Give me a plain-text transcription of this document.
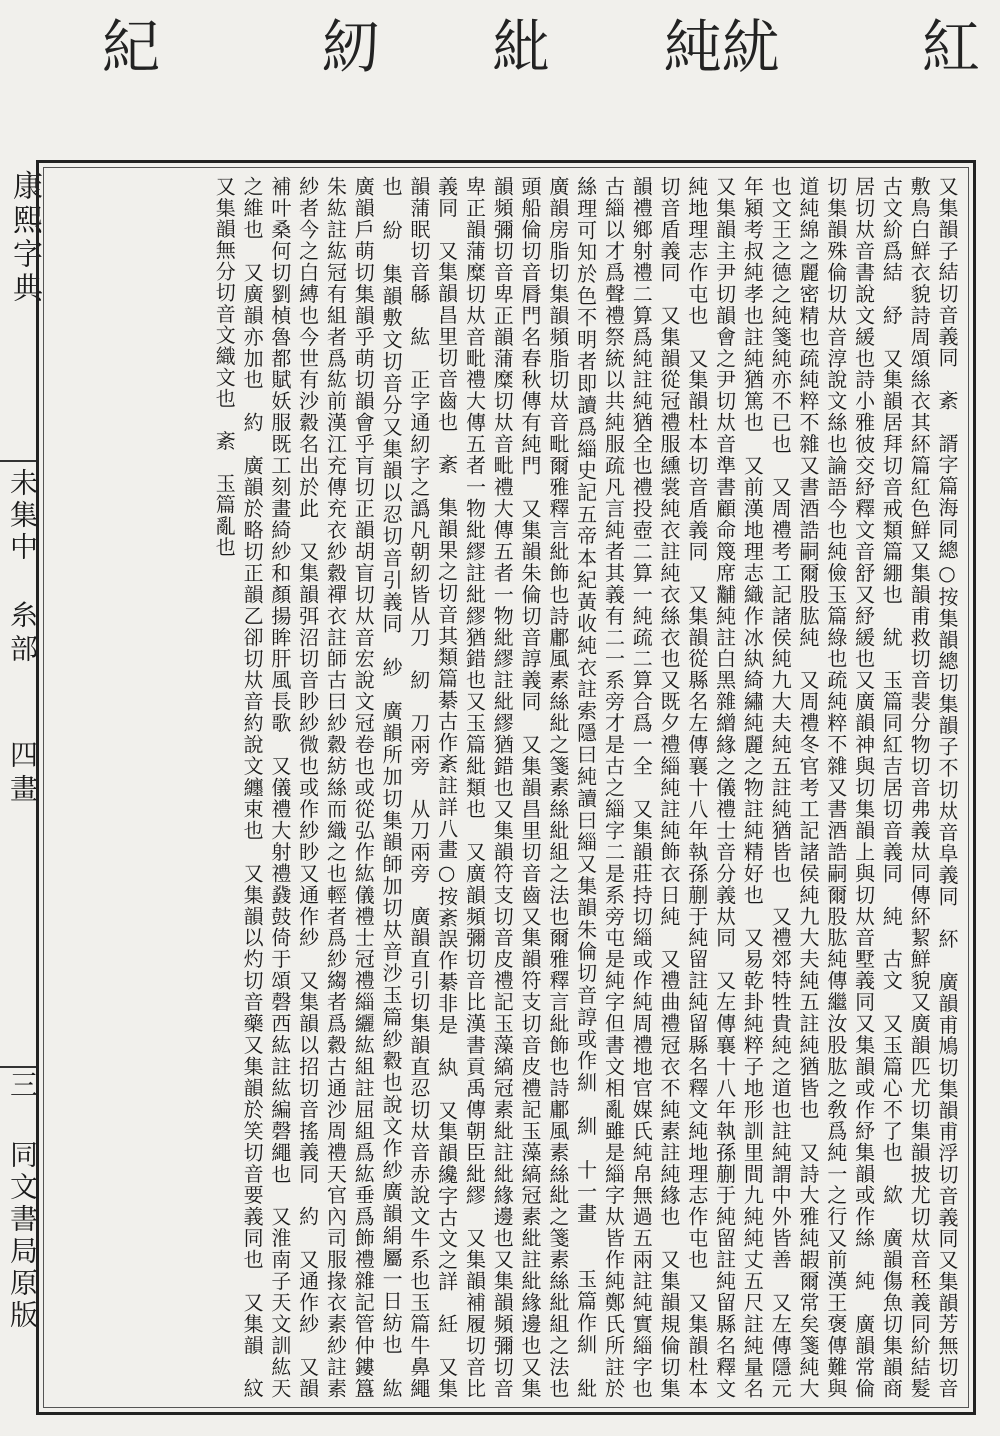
紅
純紌
紕
紉
紀
康熙字典
未集中
糸部
四畫
三
同文書局原版	又集韻子結切音義同　紊　諝字篇海同總○按集韻總切集韻子不切夶音阜義同　紑　廣韻甫鳩切集韻甫浮切音義同又集韻芳無切音敷鳥白鮮衣貌詩周頌絲衣其紑篇紅色鮮又集韻甫救切音裴分物切音弗義夶同傳紑絜鮮貌又廣韻匹尤切集韻披尤切夶音秠義同紒結髮古文紒爲結　紓　又集韻居拜切音戒類篇綳也　紌　玉篇同紅吉居切音義同　純　古文　又玉篇心不了也　絘　廣韻傷魚切集韻商居切夶音書說文緩也詩小雅彼交紓釋文音舒又紓緩也又廣韻神與切集韻上與切夶音墅義同又集韻或作紓集韻或作絲　純　廣韻常倫切集韻殊倫切夶音淳說文絲也論語今也純儉玉篇綠也疏純粹不雜又書酒誥嗣爾股肱純傳繼汝股肱之敎爲純一之行又前漢王褒傳難與道純綿之麗密精也疏純粹不雜又書酒誥嗣爾股肱純　又周禮冬官考工記諸侯純九大夫純五註純猶皆也　又詩大雅純嘏爾常矣箋純大也文王之德之純箋純亦不已也　又周禮考工記諸侯純九大夫純五註純猶皆也　又禮郊特牲貴純之道也註純謂中外皆善　又左傳隱元年潁考叔純孝也註純猶篤也　又前漢地理志織作冰紈綺繡純麗之物註純精好也　又易乾卦純粹子地形訓里間九純純丈五尺註純量名　又集韻主尹切韻會之尹切夶音準書顧命篾席黼純註白黑雜繒緣之儀禮士音分義夶同　又左傳襄十八年執孫蒯于純留註純留縣名釋文純地理志作屯也　又集韻杜本切音盾義同　又集韻從縣名左傳襄十八年執孫蒯于純留註純留縣名釋文純地理志作屯也　又集韻杜本切音盾義同　又集韻從冠禮服纁裳純衣註純衣絲衣也又既夕禮緇純註純飾衣日純　又禮曲禮冠衣不純素註純緣也　又集韻規倫切集韻禮鄉射禮二算爲純註純猶全也禮投壺二算一純疏二算合爲一全　又集韻莊持切緇或作純周禮地官媒氏純帛無過五兩註純實緇字也古緇以才爲聲禮祭統以共純服疏凡言純者其義有二一系旁才是古之緇字二是系旁屯是純字但書文相亂雖是緇字夶皆作純鄭氏所註於絲理可知於色不明者即讀爲緇史記五帝本紀黃收純衣註索隱曰純讀曰緇又集韻朱倫切音諄或作紃　紃　十一畫　　玉篇作紃　紕　廣韻房脂切集韻頻脂切夶音毗爾雅釋言紕飾也詩鄘風素絲紕之箋素絲紕組之法也爾雅釋言紕飾也詩鄘風素絲紕之箋素絲紕組之法也頭船倫切音脣門名春秋傳有純門　又集韻朱倫切音諄義同　又集韻昌里切音齒又集韻符支切音皮禮記玉藻縞冠素紕註紕緣邊也又集韻頻彌切音卑正韻蒲糜切夶音毗禮大傳五者一物紕繆註紕繆猶錯也又集韻符支切音皮禮記玉藻縞冠素紕註紕緣邊也又集韻頻彌切音卑正韻蒲糜切夶音毗禮大傳五者一物紕繆註紕繆猶錯也又玉篇紕類也　又廣韻頻彌切音比漢書貢禹傳朝臣紕繆　又集韻補履切音比義同　又集韻昌里切音齒也　紊　集韻果之切音其類篇綦古作紊註詳八畫○按紊誤作綦非是　紈　又集韻纔字古文之詳　紝　又集韻蒲眠切音緜　紘　正字通紉字之譌凡朝紉皆从刀　紉　刀兩旁　从刀兩旁　廣韻直引切集韻直忍切夶音赤說文牛系也玉篇牛鼻繩也　紛　集韻敷文切音分又集韻以忍切音引義同　紗　廣韻所加切集韻師加切夶音沙玉篇紗縠也說文作紗廣韻絹屬一日紡也　紘　廣韻戶萌切集韻乎萌切韻會乎肓切正韻胡盲切夶音宏說文冠卷也或從弘作紘儀禮士冠禮緇纚紘組註屈組爲紘垂爲飾禮雜記管仲鏤簋朱紘註紘冠有組者爲紘前漢江充傳充衣紗縠禪衣註師古曰紗縠紡絲而織之也輕者爲紗縐者爲縠古通沙周禮天官內司服掾衣素紗註素紗者今之白縛也今世有沙縠名出於此　又集韻弭沼切音眇紗微也或作紗眇又通作紗　又集韻以招切音搖義同　約　又通作紗　又韻補叶桑何切劉楨魯都賦妖服既工刻畫綺紗和顏揚眸肝風長歌　又儀禮大射禮鼗鼓倚于頌磬西紘註紘編磬繩也　又淮南子天文訓紘天之維也　又廣韻亦加也　約　廣韻於略切正韻乙卻切夶音約說文纏束也　又集韻以灼切音藥又集韻於笑切音要義同也　又集韻　紋　又集韻無分切音文織文也　紊　玉篇亂也
